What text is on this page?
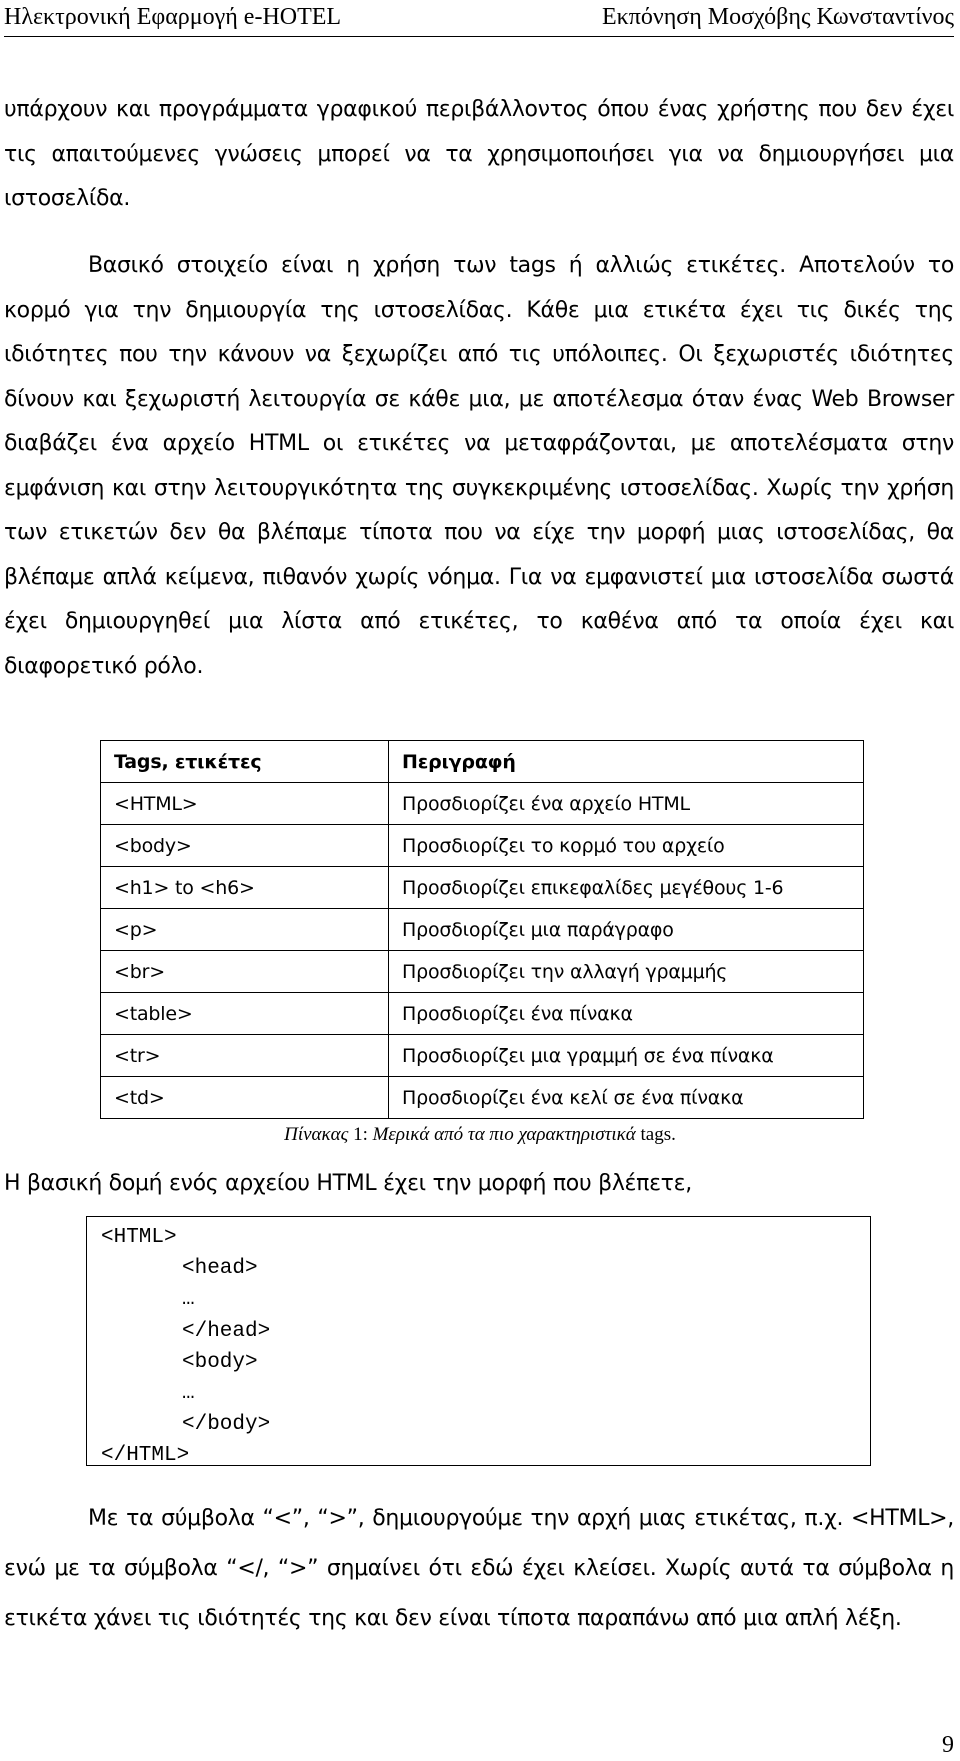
Ηλεκτρονική Εφαρμογή e-HOTEL	Εκπόνηση Μοσχόβης Κωνσταντίνος

υπάρχουν και προγράμματα γραφικού περιβάλλοντος όπου ένας χρήστης που δεν έχει τις απαιτούμενες γνώσεις μπορεί να τα χρησιμοποιήσει για να δημιουργήσει μια ιστοσελίδα.

Βασικό στοιχείο είναι η χρήση των tags ή αλλιώς ετικέτες. Αποτελούν το κορμό για την δημιουργία της ιστοσελίδας. Κάθε μια ετικέτα έχει τις δικές της ιδιότητες που την κάνουν να ξεχωρίζει από τις υπόλοιπες. Οι ξεχωριστές ιδιότητες δίνουν και ξεχωριστή λειτουργία σε κάθε μια, με αποτέλεσμα όταν ένας Web Browser διαβάζει ένα αρχείο HTML οι ετικέτες να μεταφράζονται, με αποτελέσματα στην εμφάνιση και στην λειτουργικότητα της συγκεκριμένης ιστοσελίδας. Χωρίς την χρήση των ετικετών δεν θα βλέπαμε τίποτα που να είχε την μορφή μιας ιστοσελίδας, θα βλέπαμε απλά κείμενα, πιθανόν χωρίς νόημα. Για να εμφανιστεί μια ιστοσελίδα σωστά έχει δημιουργηθεί μια λίστα από ετικέτες, το καθένα από τα οποία έχει και διαφορετικό ρόλο.

Tags, ετικέτες	Περιγραφή
<HTML>	Προσδιορίζει ένα αρχείο HTML
<body>	Προσδιορίζει το κορμό του αρχείο
<h1> to <h6>	Προσδιορίζει επικεφαλίδες μεγέθους 1-6
<p>	Προσδιορίζει μια παράγραφο
<br>	Προσδιορίζει την αλλαγή γραμμής
<table>	Προσδιορίζει ένα πίνακα
<tr>	Προσδιορίζει μια γραμμή σε ένα πίνακα
<td>	Προσδιορίζει ένα κελί σε ένα πίνακα
Πίνακας 1: Μερικά από τα πιο χαρακτηριστικά tags.

Η βασική δομή ενός αρχείου HTML έχει την μορφή που βλέπετε,

<HTML>
<head>
…
</head>
<body>
…
</body>
</HTML>

Με τα σύμβολα “<”, “>”, δημιουργούμε την αρχή μιας ετικέτας, π.χ. <HTML>, ενώ με τα σύμβολα “</, “>” σημαίνει ότι εδώ έχει κλείσει. Χωρίς αυτά τα σύμβολα η ετικέτα χάνει τις ιδιότητές της και δεν είναι τίποτα παραπάνω από μια απλή λέξη.

9
